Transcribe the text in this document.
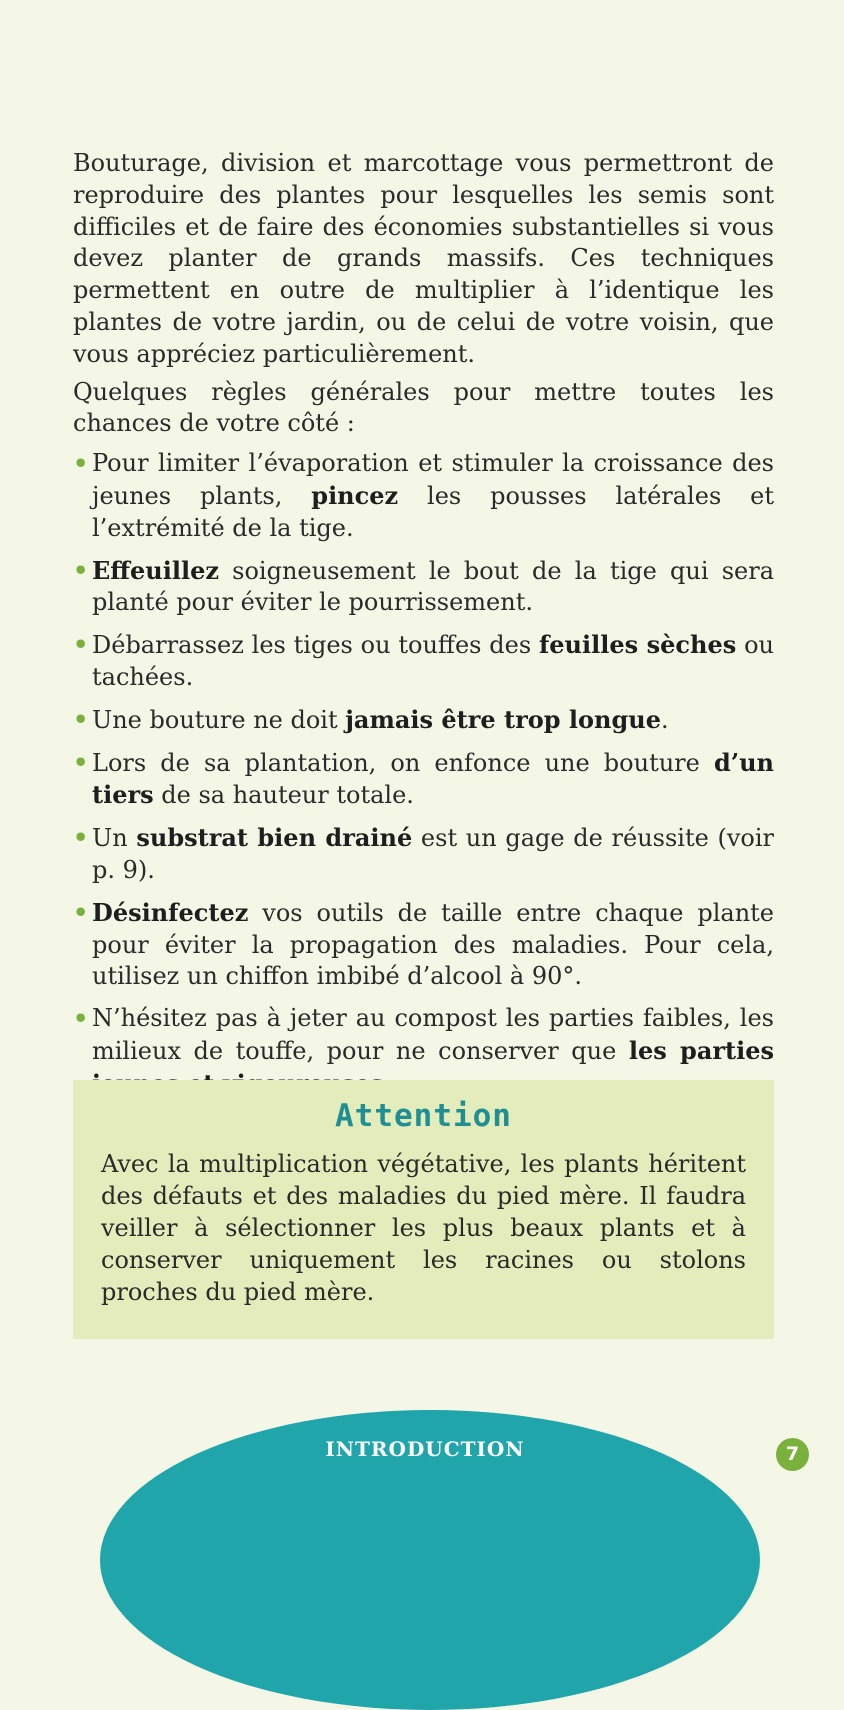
Bouturage, division et marcottage vous permettront de reproduire des plantes pour lesquelles les semis sont difficiles et de faire des économies substantielles si vous devez planter de grands massifs. Ces techniques permettent en outre de multiplier à l’identique les plantes de votre jardin, ou de celui de votre voisin, que vous appréciez particulièrement.

Quelques règles générales pour mettre toutes les chances de votre côté :

• Pour limiter l’évaporation et stimuler la croissance des jeunes plants, pincez les pousses latérales et l’extrémité de la tige.
• Effeuillez soigneusement le bout de la tige qui sera planté pour éviter le pourrissement.
• Débarrassez les tiges ou touffes des feuilles sèches ou tachées.
• Une bouture ne doit jamais être trop longue.
• Lors de sa plantation, on enfonce une bouture d’un tiers de sa hauteur totale.
• Un substrat bien drainé est un gage de réussite (voir p. 9).
• Désinfectez vos outils de taille entre chaque plante pour éviter la propagation des maladies. Pour cela, utilisez un chiffon imbibé d’alcool à 90°.
• N’hésitez pas à jeter au compost les parties faibles, les milieux de touffe, pour ne conserver que les parties

Attention

Avec la multiplication végétative, les plants héritent des défauts et des maladies du pied mère. Il faudra veiller à sélectionner les plus beaux plants et à conserver uniquement les racines ou stolons proches du pied mère.

INTRODUCTION	7
